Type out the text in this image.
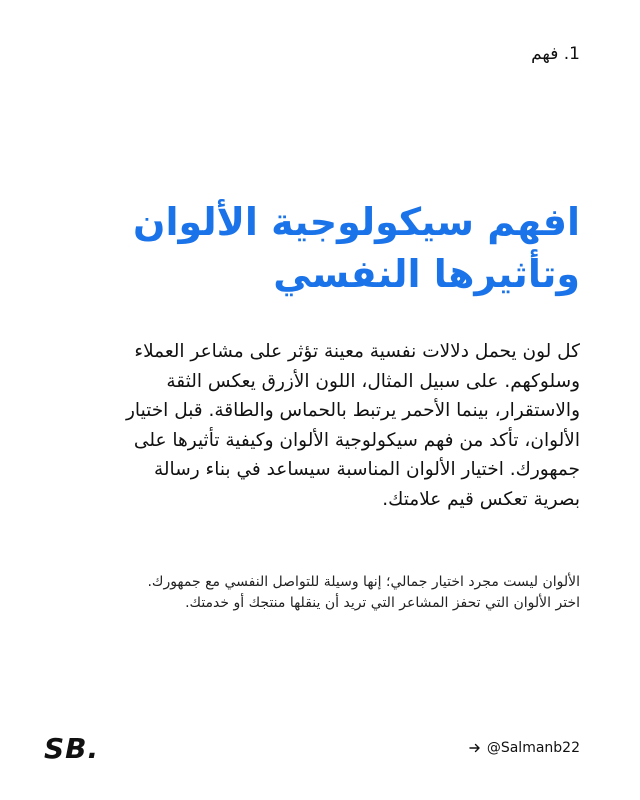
1. فهم
افهم سيكولوجية الألوان وتأثيرها النفسي

كل لون يحمل دلالات نفسية معينة تؤثر على مشاعر العملاء وسلوكهم. على سبيل المثال، اللون الأزرق يعكس الثقة والاستقرار، بينما الأحمر يرتبط بالحماس والطاقة. قبل اختيار الألوان، تأكد من فهم سيكولوجية الألوان وكيفية تأثيرها على جمهورك. اختيار الألوان المناسبة سيساعد في بناء رسالة بصرية تعكس قيم علامتك.

الألوان ليست مجرد اختيار جمالي؛ إنها وسيلة للتواصل النفسي مع جمهورك. اختر الألوان التي تحفز المشاعر التي تريد أن ينقلها منتجك أو خدمتك.

SB.	@Salmanb22
